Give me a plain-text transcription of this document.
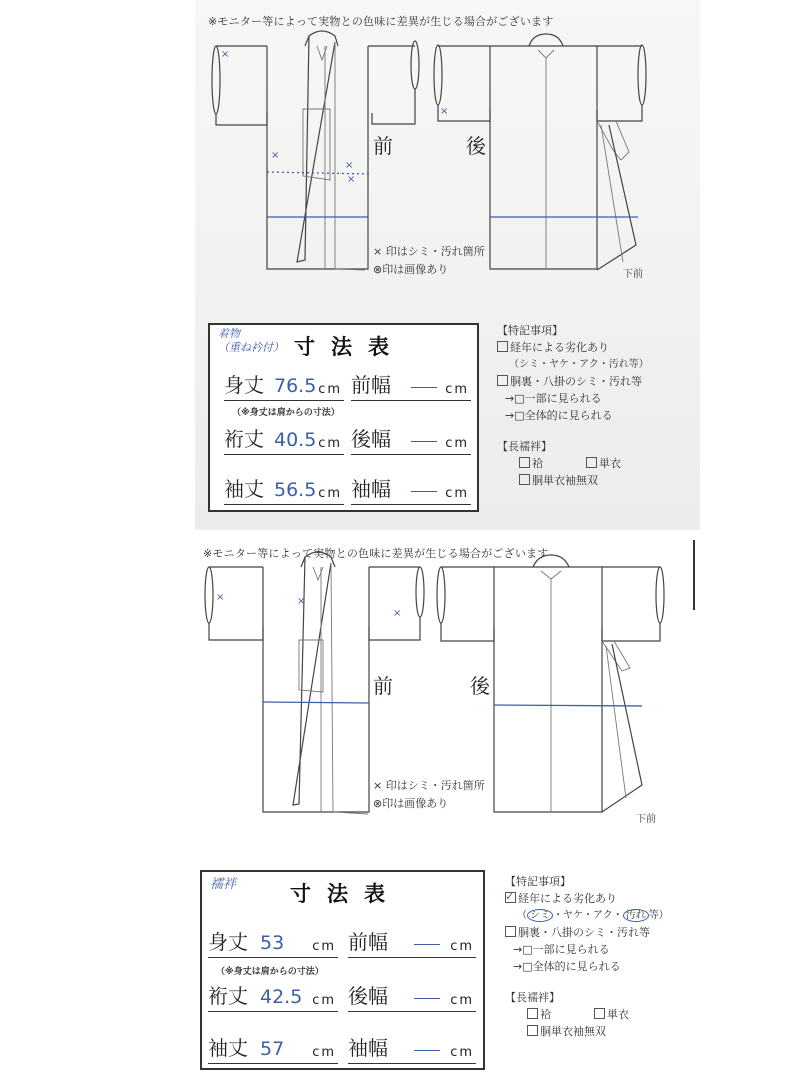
※モニター等によって実物との色味に差異が生じる場合がございます
×
×
×
×
前
×
後
下前
× 印はシミ・汚れ箇所
⊗印は画像あり
着物
（重ね衿付） 寸法表
身丈 76.5 cm 前幅	cm
（※身丈は肩からの寸法）
裄丈 40.5 cm 後幅	cm
袖丈 56.5 cm 袖幅	cm
【特記事項】
経年による劣化あり
（シミ・ヤケ・アク・汚れ等）
胴裏・八掛のシミ・汚れ等
→□一部に見られる
→□全体的に見られる
【長襦袢】
袷	単衣
胴単衣袖無双
※モニター等によって実物との色味に差異が生じる場合がございます
×	×
×
前	後
下前
× 印はシミ・汚れ箇所
⊗印は画像あり
襦袢	寸法表
身丈 53 cm 前幅	cm
（※身丈は肩からの寸法）
裄丈 42.5 cm 後幅	cm
袖丈 57 cm 袖幅	cm
【特記事項】
✓経年による劣化あり
（ シミ ・ヤケ・アク・ 汚れ 等）
胴裏・八掛のシミ・汚れ等
→□一部に見られる
→□全体的に見られる
【長襦袢】
袷	単衣
胴単衣袖無双
